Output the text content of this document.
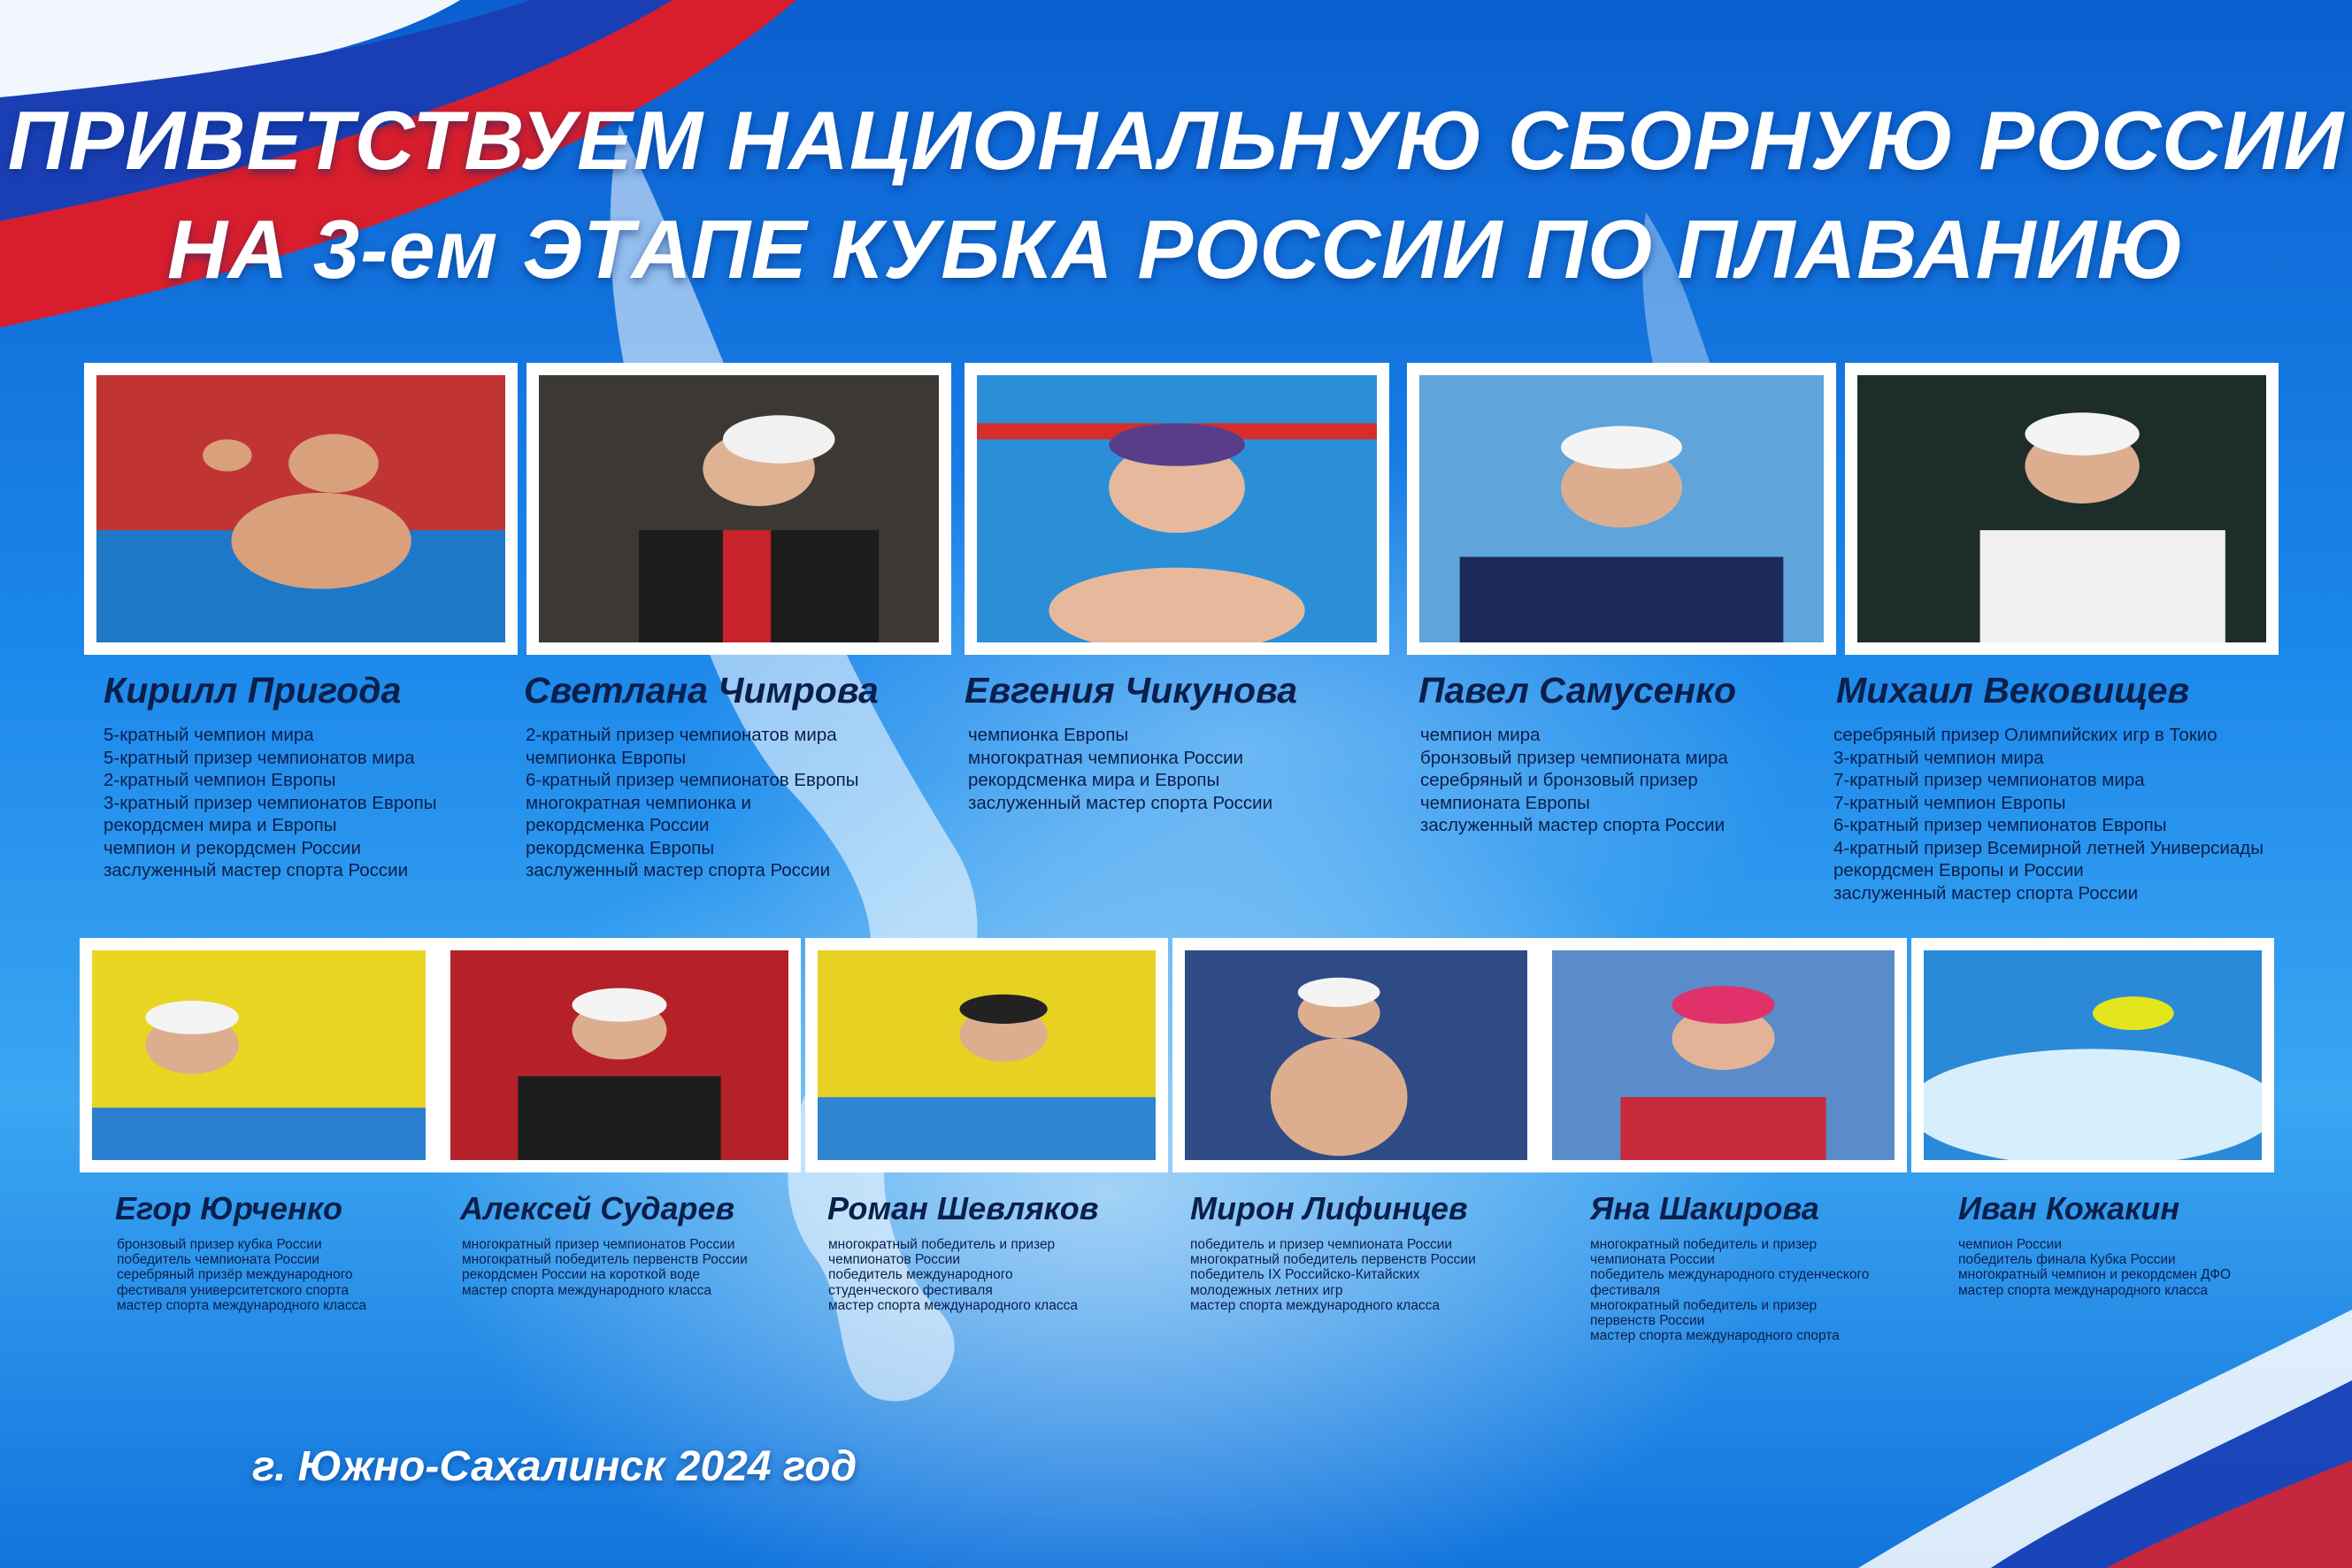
ПРИВЕТСТВУЕМ НАЦИОНАЛЬНУЮ СБОРНУЮ РОССИИ
НА 3-ем ЭТАПЕ КУБКА РОССИИ ПО ПЛАВАНИЮ
Кирилл Пригода
5-кратный чемпион мира
5-кратный призер чемпионатов мира
2-кратный чемпион Европы
3-кратный призер чемпионатов Европы
рекордсмен мира и Европы
чемпион и рекордсмен России
заслуженный мастер спорта России
Светлана Чимрова
2-кратный призер чемпионатов мира
чемпионка Европы
6-кратный призер чемпионатов Европы
многократная чемпионка и
рекордсменка России
рекордсменка Европы
заслуженный мастер спорта России
Евгения Чикунова
чемпионка Европы
многократная чемпионка России
рекордсменка мира и Европы
заслуженный мастер спорта России
Павел Самусенко
чемпион мира
бронзовый призер чемпионата мира
серебряный и бронзовый призер
чемпионата Европы
заслуженный мастер спорта России
Михаил Вековищев
серебряный призер Олимпийских игр в Токио
3-кратный чемпион мира
7-кратный призер чемпионатов мира
7-кратный чемпион Европы
6-кратный призер чемпионатов Европы
4-кратный призер Всемирной летней Универсиады
рекордсмен Европы и России
заслуженный мастер спорта России
Егор Юрченко
бронзовый призер кубка России
победитель чемпионата России
серебряный призёр международного
фестиваля университетского спорта
мастер спорта международного класса
Алексей Сударев
многократный призер чемпионатов России
многократный победитель первенств России
рекордсмен России на короткой воде
мастер спорта международного класса
Роман Шевляков
многократный победитель и призер
чемпионатов России
победитель международного
студенческого фестиваля
мастер спорта международного класса
Мирон Лифинцев
победитель и призер чемпионата России
многократный победитель первенств России
победитель IX Российско-Китайских
молодежных летних игр
мастер спорта международного класса
Яна Шакирова
многократный победитель и призер
чемпионата России
победитель международного студенческого
фестиваля
многократный победитель и призер
первенств России
мастер спорта международного спорта
Иван Кожакин
чемпион России
победитель финала Кубка России
многократный чемпион и рекордсмен ДФО
мастер спорта международного класса
г. Южно-Сахалинск 2024 год
